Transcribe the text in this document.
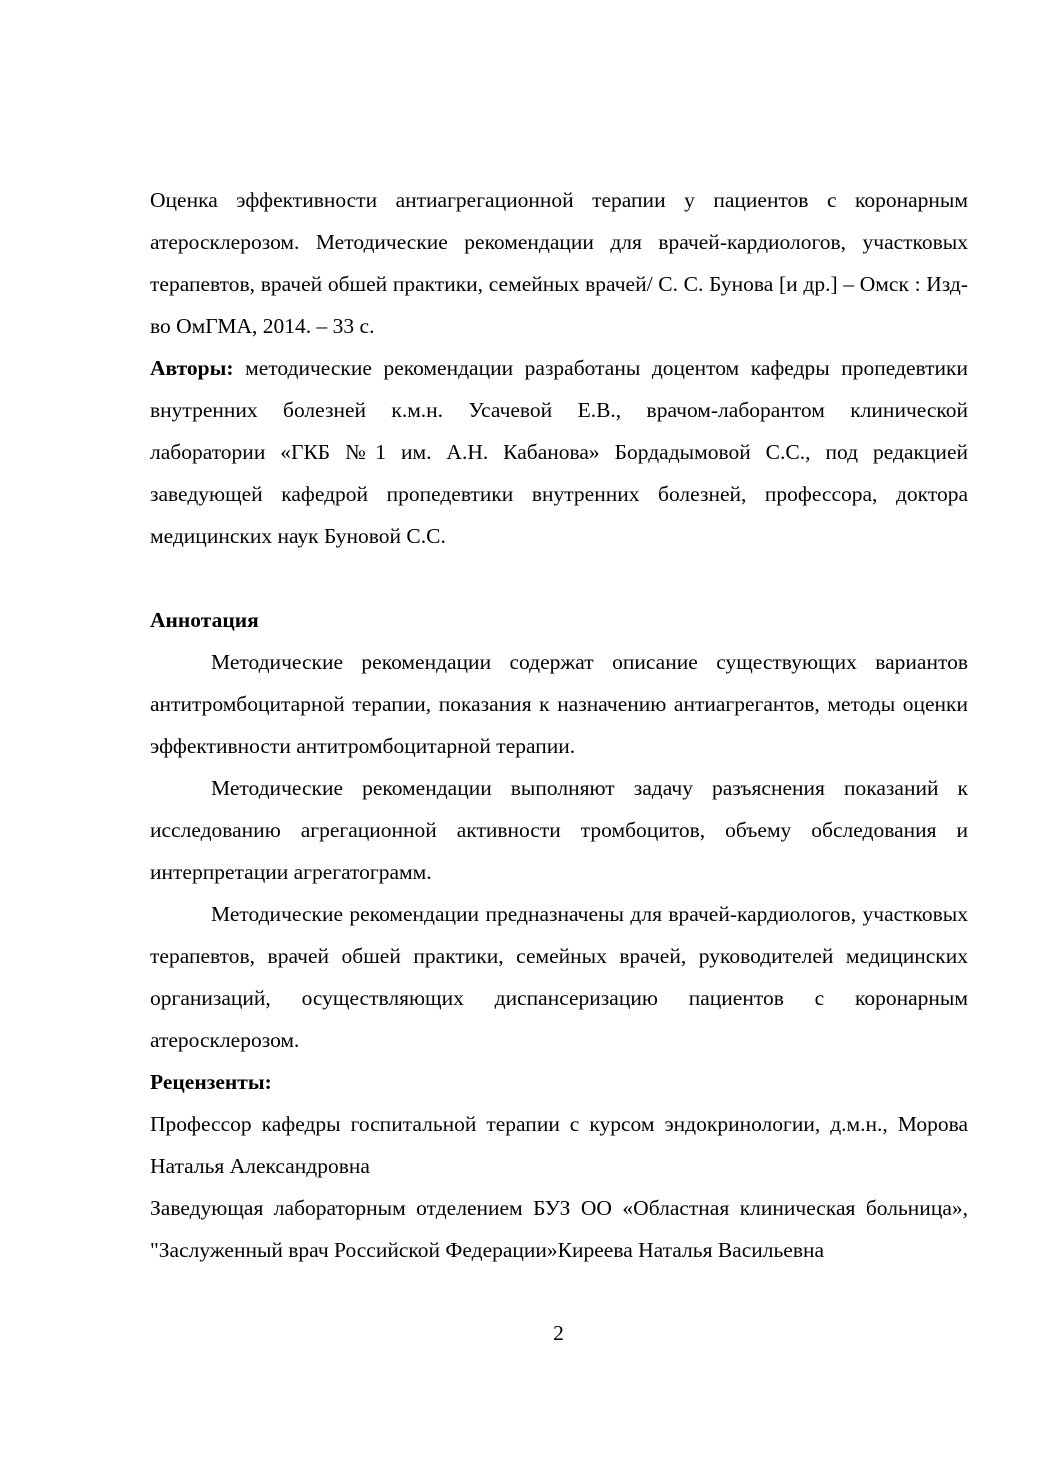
Оценка эффективности антиагрегационной терапии у пациентов с коронарным атеросклерозом. Методические рекомендации для врачей-кардиологов, участковых терапевтов, врачей обшей практики, семейных врачей/ С. С. Бунова [и др.] – Омск : Изд-во ОмГМА, 2014. – 33 с.

Авторы: методические рекомендации разработаны доцентом кафедры пропедевтики внутренних болезней к.м.н. Усачевой Е.В., врачом-лаборантом клинической лаборатории «ГКБ №1 им. А.Н. Кабанова» Бордадымовой С.С., под редакцией заведующей кафедрой пропедевтики внутренних болезней, профессора, доктора медицинских наук Буновой С.С.

Аннотация

Методические рекомендации содержат описание существующих вариантов антитромбоцитарной терапии, показания к назначению антиагрегантов, методы оценки эффективности антитромбоцитарной терапии.

Методические рекомендации выполняют задачу разъяснения показаний к исследованию агрегационной активности тромбоцитов, объему обследования и интерпретации агрегатограмм.

Методические рекомендации предназначены для врачей-кардиологов, участковых терапевтов, врачей обшей практики, семейных врачей, руководителей медицинских организаций, осуществляющих диспансеризацию пациентов с коронарным атеросклерозом.

Рецензенты:

Профессор кафедры госпитальной терапии с курсом эндокринологии, д.м.н., Морова Наталья Александровна

Заведующая лабораторным отделением БУЗ ОО «Областная клиническая больница», "Заслуженный врач Российской Федерации»Киреева Наталья Васильевна

2
